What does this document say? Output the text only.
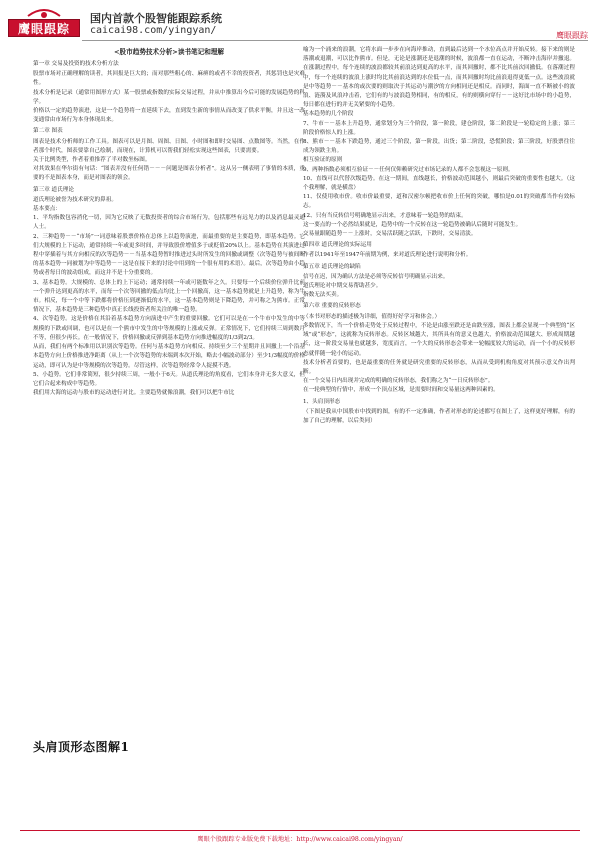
鹰眼跟踪
国内首款个股智能跟踪系统
caicai98.com/yingyan/	鹰眼跟踪

<股市趋势技术分析>读书笔记和理解

第一章 交易及投资的技术分析方法

股票市场对正确理解的读者，其回报是巨大的；而对那些粗心的、麻痹的或者不幸的投资者，其惩罚也是灾难性。

技术分析是记录（通常用图形方式）某一股票或指数的实际交易过程，并从中推算出今后可能的发展趋势的科学。

价格以一定的趋势演进，这是一个趋势将一直延续下去，直到发生新的事情从而改变了供求平衡，并且这一改变通常由市场行为本身体现出来。

第二章 图表

图表是技术分析师的工作工具。图表可以是月图、周图、日图、小时图和即时交易图、点数图等。当然，在作者那个时代，图表要靠自己绘制，而现在，计算机可以帮我们轻松实现这些图表，只要需要。

关于比例类型，作者着重推荐了半对数坐标图。

对其效果在华尔街有句话：“图表并没有任何错－－－问题是图表分析者”。这从另一侧表明了事情的本质，重要的不是图表本身，而是对图表的领会。

第三章 道氏理论

道氏理论被誉为技术研究的鼻祖。

基本要点：

1、平均指数包容消化一切，因为它反映了无数投资者的综合市场行为，包括那些有远见力的以及消息最灵通人士。

2、三种趋势－－“市场”一词意味着股票价格在总体上以趋势演进，而最重要的是主要趋势，即基本趋势。它们大规模的上下运动，通常持续一年或更多时间，并导致股价增值多于或贬值20%以上。基本趋势在其演进过程中穿插着与其方向相反的次等趋势－－当基本趋势暂时推进过头时所发生的回撤或调整（次等趋势与被间断的基本趋势一同被划为中等趋势－－这是在接下来的讨论中用到的一个很有用的术语）。最后，次等趋势由小趋势或者每日的波动组成，而这并不是十分重要的。

3、基本趋势。大规模的、总体上的上下运动；通常持续一年或可能数年之久。只要每一个后续价位弹升比前一个弹升达到更高的水平，而每一个次等回撤的低点均比上一个回撤高，这一基本趋势就是上升趋势，称为牛市。相反，每一个中等下跌都将价格压到逐渐低的水平，这一基本趋势则是下降趋势，并可称之为熊市。正常情况下，基本趋势是三种趋势中真正长线投资者所关注的唯一趋势。

4、次等趋势。这是价格在其沿着基本趋势方向演进中产生的重要回撤。它们可以是在一个牛市中发生的中等规模的下跌或回调，也可以是在一个熊市中发生的中等规模的上涨或反弹。正常情况下，它们持续三周到数月不等，但很少再长。在一般情况下，价格回撤或反弹到基本趋势方向推进幅度的1/3到2/3。

从而，我们有两个标准用以识别次等趋势。任何与基本趋势方向相反、持续至少三个星期并且回撤上一个沿基本趋势方向上价格推进净距离（从上一个次等趋势的末端到本次开始，略去小幅波动部分）至少1/3幅度的价格运动，即可认为是中等规模的次等趋势。尽管这样，次等趋势经常令人捉摸不透。

5、小趋势。它们非常简短，很少持续三周，一般小于6天。从道氏理论的角度看，它们本身并无多大意义，但它们合起来构成中等趋势。

我们用大海的运动与股市的运动进行对比。主要趋势就像浪潮，我们可以把牛市比

喻为一个涌来的浪潮，它将水面一步步在向海岸推动，直到最后达到一个水位高点并开始反转。接下来的则是落潮或退潮，可以比作熊市。但是，无论是涨潮还是退潮的时候，波浪都一直在运动，不断冲击海岸并撤退。在涨潮过程中，每个连续的波浪都较其前浪达到更高的水平，而其回撤时，都不比其前次回撤低。在落潮过程中，每一个连续的波浪上涨时均比其前浪达到的水位低一点，而其回撤时均比前浪退得更低一点。这些波浪就是中等趋势－－基本的或次要的则取决于其运动与潮汐的方向相同还是相反。而同时，海面一直不断被小的波浪、涟漪及风浪冲击着，它们有的与波浪趋势相同，有的相反，有的则横向穿行－－这好比市场中的小趋势，每日都在进行的并无关紧要的小趋势。

基本趋势的几个阶段

7、牛市－－基本上升趋势，通常划分为三个阶段，第一阶段，建仓阶段，第二阶段是一轮稳定的上涨；第三阶段价格惊人的上涨。

8、熊市－－基本下跌趋势，通过三个阶段，第一阶段，出货；第二阶段，恐慌阶段；第三阶段，好股票往往成为领跌主角。

相互验证的原则

9、两种指数必须相互验证－－任何仅仰赖研究过市场记录的人都不会忽视这一原则。

10、直线可以代替次级趋势。在这一期间，直线越长，价格波动范围越小，则最后突破的重要性也越大。（这个我理解，就是横盘）

11、仅使用收市价。收市价最重要，道和汉密尔顿把收市价上任何的突破，哪怕是0.01的突破都当作有效标志。

12、只有当反转信号明确地显示出来，才意味着一轮趋势的结束。

这一要点的一个必然结果就是，趋势中的一个反转在这一轮趋势被确认后随时可能发生。

交易量跟随趋势－－上涨时，交易活跃随之活跃，下跌时，交易清淡。

第四章 道氏理论的实际运用

作者以1941年至1947年前期为例，来对道氏理论进行说明和分析。

第五章 道氏理论的缺陷

信号在迟，因为确认方法是必须等反转信号明确显示出来。

道氏理论对中期交易帮助甚少。

指数无法买卖。

第六章 重要的反转形态

（本书对形态的描述极为详细，值得好好学习和体会。）

多数情况下，当一个价格走势处于反转过程中，不论是由涨至跌还是由跌至涨，图表上都会显现一个典型的“区域”或“形态”，这就称为反转形态。反转区域越大，其所具有的意义也越大，价格波动范围越大、形成周期越长，这一阶段交易量也就越多，宽度而言，一个大的反转形态会带来一轮幅度较大的运动，而一个小的反转形态就伴随一轮小的运动。

技术分析者首要的，也是最重要的任务就是研究重要的反转形态，从而从受到机构角度对其预示意义作出判断。

在一个交易日内出现并完成的明确的反转形态，我们称之为“一日反转形态”。

在一轮典型的行情中，形成一个顶点区域，是需要时间和交易量这两种因素的。

1、头肩顶形态

（下图是我从中国股市中找到的图，有的不一定准确，作者对形态的论述都写在图上了，这样更好理解，有的加了自己的理解，以后类同）

头肩顶形态图解1
鹰眼个股跟踪专业版免费下载地址：http://www.caicai98.com/yingyan/
